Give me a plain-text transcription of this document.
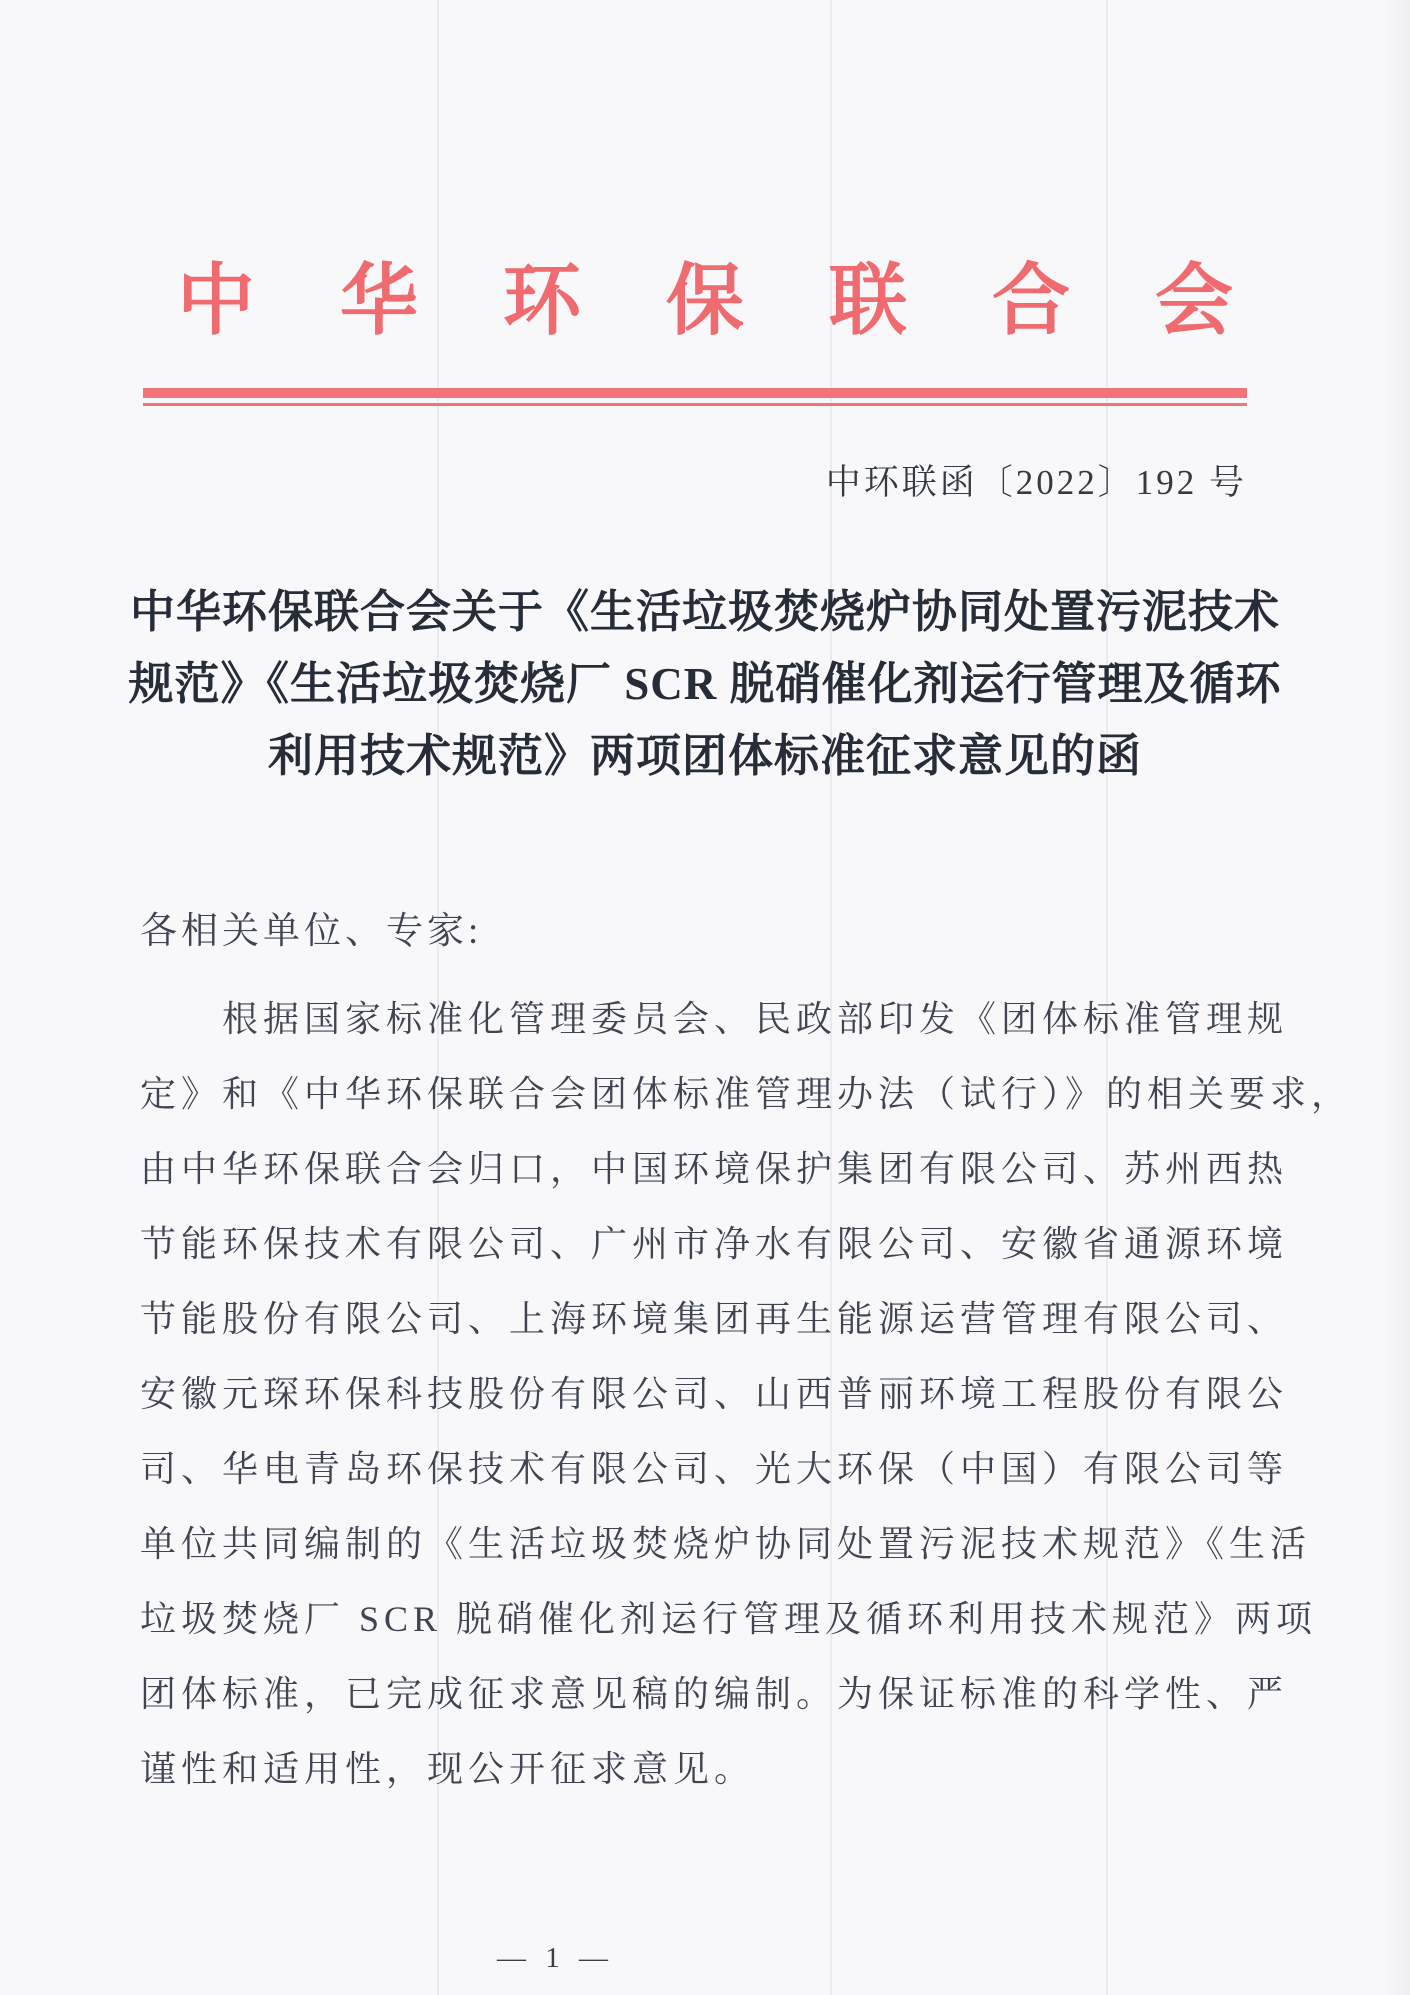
中华环保联合会
中环联函〔2022〕192 号
中华环保联合会关于《生活垃圾焚烧炉协同处置污泥技术
规范》《生活垃圾焚烧厂 SCR 脱硝催化剂运行管理及循环
利用技术规范》两项团体标准征求意见的函
各相关单位、专家:
根据国家标准化管理委员会、民政部印发《团体标准管理规
定》和《中华环保联合会团体标准管理办法（试行）》的相关要求，
由中华环保联合会归口，中国环境保护集团有限公司、苏州西热
节能环保技术有限公司、广州市净水有限公司、安徽省通源环境
节能股份有限公司、上海环境集团再生能源运营管理有限公司、
安徽元琛环保科技股份有限公司、山西普丽环境工程股份有限公
司、华电青岛环保技术有限公司、光大环保（中国）有限公司等
单位共同编制的《生活垃圾焚烧炉协同处置污泥技术规范》《生活
垃圾焚烧厂 SCR 脱硝催化剂运行管理及循环利用技术规范》两项
团体标准，已完成征求意见稿的编制。为保证标准的科学性、严
谨性和适用性，现公开征求意见。
— 1 —
